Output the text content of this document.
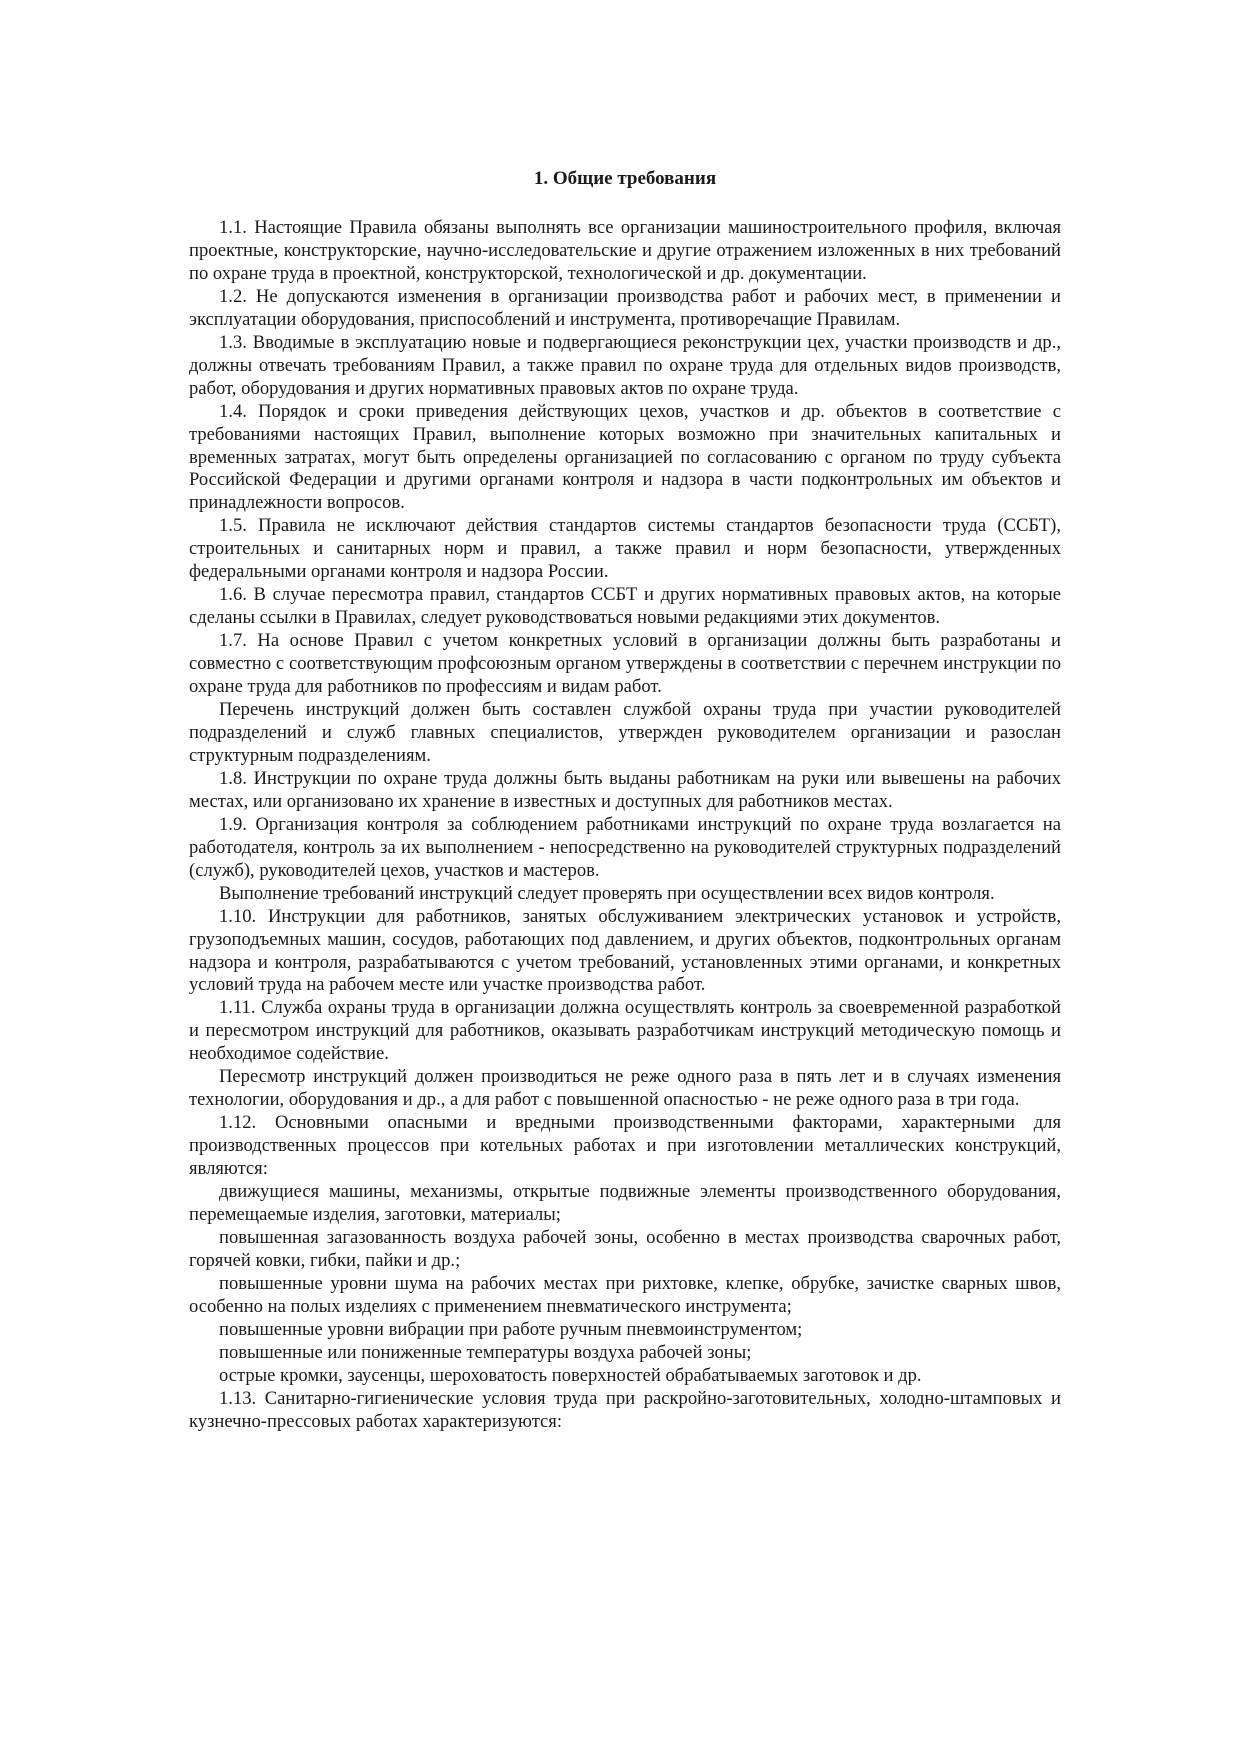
1. Общие требования

1.1. Настоящие Правила обязаны выполнять все организации машиностроительного профиля, включая проектные, конструкторские, научно-исследовательские и другие отражением изложенных в них требований по охране труда в проектной, конструкторской, технологической и др. документации.

1.2. Не допускаются изменения в организации производства работ и рабочих мест, в применении и эксплуатации оборудования, приспособлений и инструмента, противоречащие Правилам.

1.3. Вводимые в эксплуатацию новые и подвергающиеся реконструкции цех, участки производств и др., должны отвечать требованиям Правил, а также правил по охране труда для отдельных видов производств, работ, оборудования и других нормативных правовых актов по охране труда.

1.4. Порядок и сроки приведения действующих цехов, участков и др. объектов в соответствие с требованиями настоящих Правил, выполнение которых возможно при значительных капитальных и временных затратах, могут быть определены организацией по согласованию с органом по труду субъекта Российской Федерации и другими органами контроля и надзора в части подконтрольных им объектов и принадлежности вопросов.

1.5. Правила не исключают действия стандартов системы стандартов безопасности труда (ССБТ), строительных и санитарных норм и правил, а также правил и норм безопасности, утвержденных федеральными органами контроля и надзора России.

1.6. В случае пересмотра правил, стандартов ССБТ и других нормативных правовых актов, на которые сделаны ссылки в Правилах, следует руководствоваться новыми редакциями этих документов.

1.7. На основе Правил с учетом конкретных условий в организации должны быть разработаны и совместно с соответствующим профсоюзным органом утверждены в соответствии с перечнем инструкции по охране труда для работников по профессиям и видам работ.

Перечень инструкций должен быть составлен службой охраны труда при участии руководителей подразделений и служб главных специалистов, утвержден руководителем организации и разослан структурным подразделениям.

1.8. Инструкции по охране труда должны быть выданы работникам на руки или вывешены на рабочих местах, или организовано их хранение в известных и доступных для работников местах.

1.9. Организация контроля за соблюдением работниками инструкций по охране труда возлагается на работодателя, контроль за их выполнением - непосредственно на руководителей структурных подразделений (служб), руководителей цехов, участков и мастеров.

Выполнение требований инструкций следует проверять при осуществлении всех видов контроля.

1.10. Инструкции для работников, занятых обслуживанием электрических установок и устройств, грузоподъемных машин, сосудов, работающих под давлением, и других объектов, подконтрольных органам надзора и контроля, разрабатываются с учетом требований, установленных этими органами, и конкретных условий труда на рабочем месте или участке производства работ.

1.11. Служба охраны труда в организации должна осуществлять контроль за своевременной разработкой и пересмотром инструкций для работников, оказывать разработчикам инструкций методическую помощь и необходимое содействие.

Пересмотр инструкций должен производиться не реже одного раза в пять лет и в случаях изменения технологии, оборудования и др., а для работ с повышенной опасностью - не реже одного раза в три года.

1.12. Основными опасными и вредными производственными факторами, характерными для производственных процессов при котельных работах и при изготовлении металлических конструкций, являются:

движущиеся машины, механизмы, открытые подвижные элементы производственного оборудования, перемещаемые изделия, заготовки, материалы;

повышенная загазованность воздуха рабочей зоны, особенно в местах производства сварочных работ, горячей ковки, гибки, пайки и др.;

повышенные уровни шума на рабочих местах при рихтовке, клепке, обрубке, зачистке сварных швов, особенно на полых изделиях с применением пневматического инструмента;

повышенные уровни вибрации при работе ручным пневмоинструментом;

повышенные или пониженные температуры воздуха рабочей зоны;

острые кромки, заусенцы, шероховатость поверхностей обрабатываемых заготовок и др.

1.13. Санитарно-гигиенические условия труда при раскройно-заготовительных, холодно-штамповых и кузнечно-прессовых работах характеризуются:
